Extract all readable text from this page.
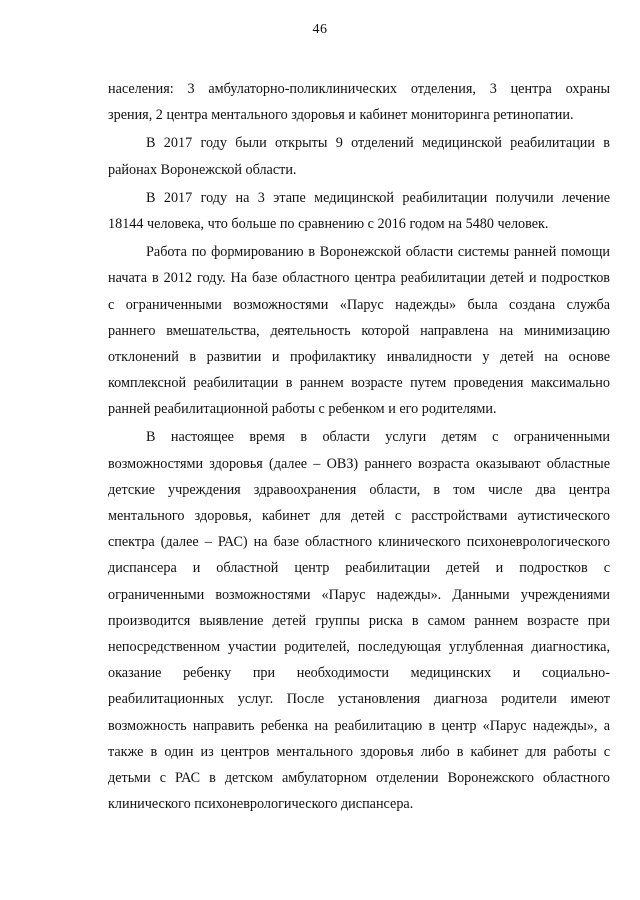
46
населения: 3 амбулаторно-поликлинических отделения, 3 центра охраны
зрения, 2 центра ментального здоровья и кабинет мониторинга ретинопатии.
В 2017 году были открыты 9 отделений медицинской реабилитации в
районах Воронежской области.
В 2017 году на 3 этапе медицинской реабилитации получили лечение
18144 человека, что больше по сравнению с 2016 годом на 5480 человек.
Работа по формированию в Воронежской области системы ранней помощи
начата в 2012 году. На базе областного центра реабилитации детей и подростков
с ограниченными возможностями «Парус надежды» была создана служба
раннего вмешательства, деятельность которой направлена на минимизацию
отклонений в развитии и профилактику инвалидности у детей на основе
комплексной реабилитации в раннем возрасте путем проведения максимально
ранней реабилитационной работы с ребенком и его родителями.
В настоящее время в области услуги детям с ограниченными
возможностями здоровья (далее – ОВЗ) раннего возраста оказывают областные
детские учреждения здравоохранения области, в том числе два центра
ментального здоровья, кабинет для детей с расстройствами аутистического
спектра (далее – РАС) на базе областного клинического психоневрологического
диспансера и областной центр реабилитации детей и подростков с
ограниченными возможностями «Парус надежды». Данными учреждениями
производится выявление детей группы риска в самом раннем возрасте при
непосредственном участии родителей, последующая углубленная диагностика,
оказание ребенку при необходимости медицинских и социально-
реабилитационных услуг. После установления диагноза родители имеют
возможность направить ребенка на реабилитацию в центр «Парус надежды», а
также в один из центров ментального здоровья либо в кабинет для работы с
детьми с РАС в детском амбулаторном отделении Воронежского областного
клинического психоневрологического диспансера.
